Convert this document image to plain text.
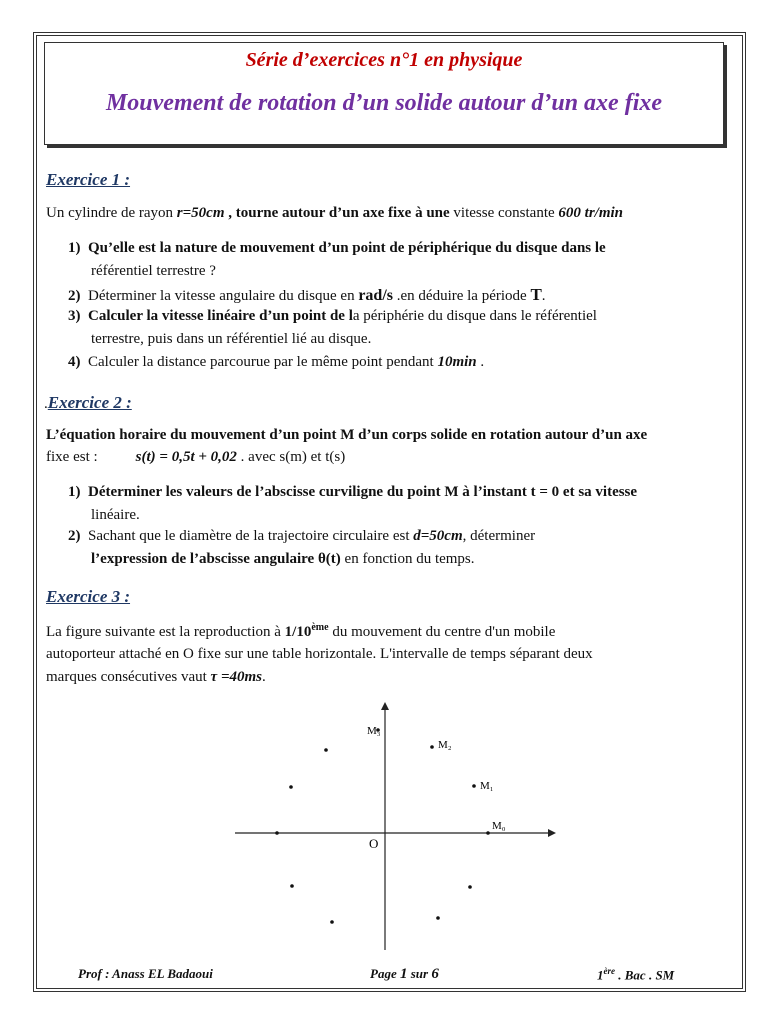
Série d’exercices n°1 en physique
Mouvement de rotation d’un solide autour d’un axe fixe
Exercice 1 :
Un cylindre de rayon r=50cm , tourne autour d’un axe fixe à une vitesse constante 600 tr/min
1) Qu’elle est la nature de mouvement d’un point de périphérique du disque dans le
référentiel terrestre ?
2) Déterminer la vitesse angulaire du disque en rad/s .en déduire la période T.
3) Calculer la vitesse linéaire d’un point de la périphérie du disque dans le référentiel
terrestre, puis dans un référentiel lié au disque.
4) Calculer la distance parcourue par le même point pendant 10min .
.Exercice 2 :
L’équation horaire du mouvement d’un point M d’un corps solide en rotation autour d’un axe
fixe est :	s(t) = 0,5t + 0,02 . avec s(m) et t(s)
1) Déterminer les valeurs de l’abscisse curviligne du point M à l’instant t = 0 et sa vitesse
linéaire.
2) Sachant que le diamètre de la trajectoire circulaire est d=50cm, déterminer
l’expression de l’abscisse angulaire θ(t) en fonction du temps.
Exercice 3 :
La figure suivante est la reproduction à 1/10ème du mouvement du centre d'un mobile
autoporteur attaché en O fixe sur une table horizontale. L'intervalle de temps séparant deux
marques consécutives vaut τ =40ms.
O
M₃
M₂
M₁
M₀
Prof : Anass EL Badaoui	Page 1 sur 6	1ère . Bac . SM
